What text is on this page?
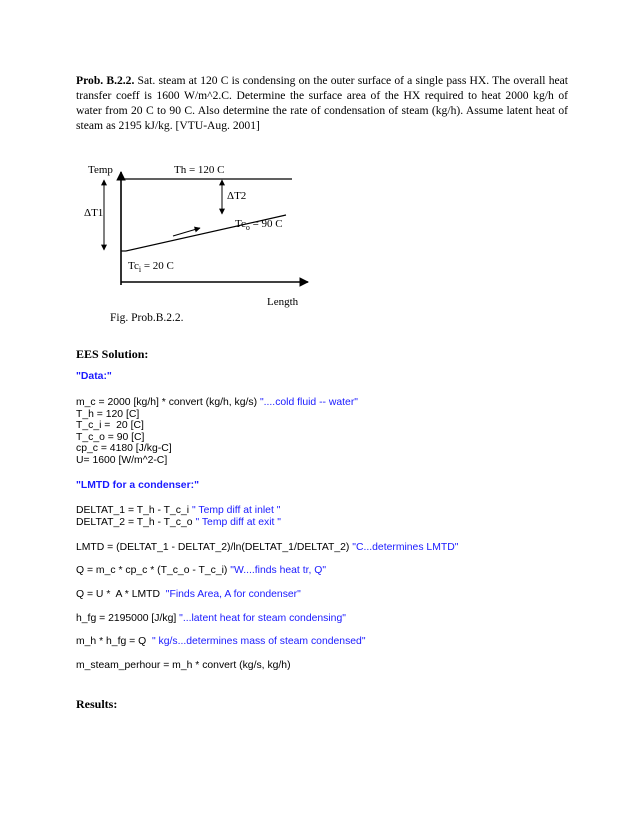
Prob. B.2.2. Sat. steam at 120 C is condensing on the outer surface of a single pass HX. The overall heat transfer coeff is 1600 W/m^2.C. Determine the surface area of the HX required to heat 2000 kg/h of water from 20 C to 90 C. Also determine the rate of condensation of steam (kg/h). Assume latent heat of steam as 2195 kJ/kg. [VTU-Aug. 2001]
Temp	Th = 120 C
ΔT1
ΔT2
$Tc_o = 90$ C
$Tc_i = 20$ C
Length
Fig. Prob.B.2.2.
EES Solution:
"Data:"
m_c = 2000 [kg/h] * convert (kg/h, kg/s) "....cold fluid -- water"
T_h = 120 [C]
T_c_i =  20 [C]
T_c_o = 90 [C]
cp_c = 4180 [J/kg-C]
U= 1600 [W/m^2-C]
"LMTD for a condenser:"
DELTAT_1 = T_h - T_c_i " Temp diff at inlet "
DELTAT_2 = T_h - T_c_o " Temp diff at exit "
LMTD = (DELTAT_1 - DELTAT_2)/ln(DELTAT_1/DELTAT_2) "C...determines LMTD"
Q = m_c * cp_c * (T_c_o - T_c_i) "W....finds heat tr, Q"
Q = U *  A * LMTD  "Finds Area, A for condenser"
h_fg = 2195000 [J/kg] "...latent heat for steam condensing"
m_h * h_fg = Q  " kg/s...determines mass of steam condensed"
m_steam_perhour = m_h * convert (kg/s, kg/h)
Results:
